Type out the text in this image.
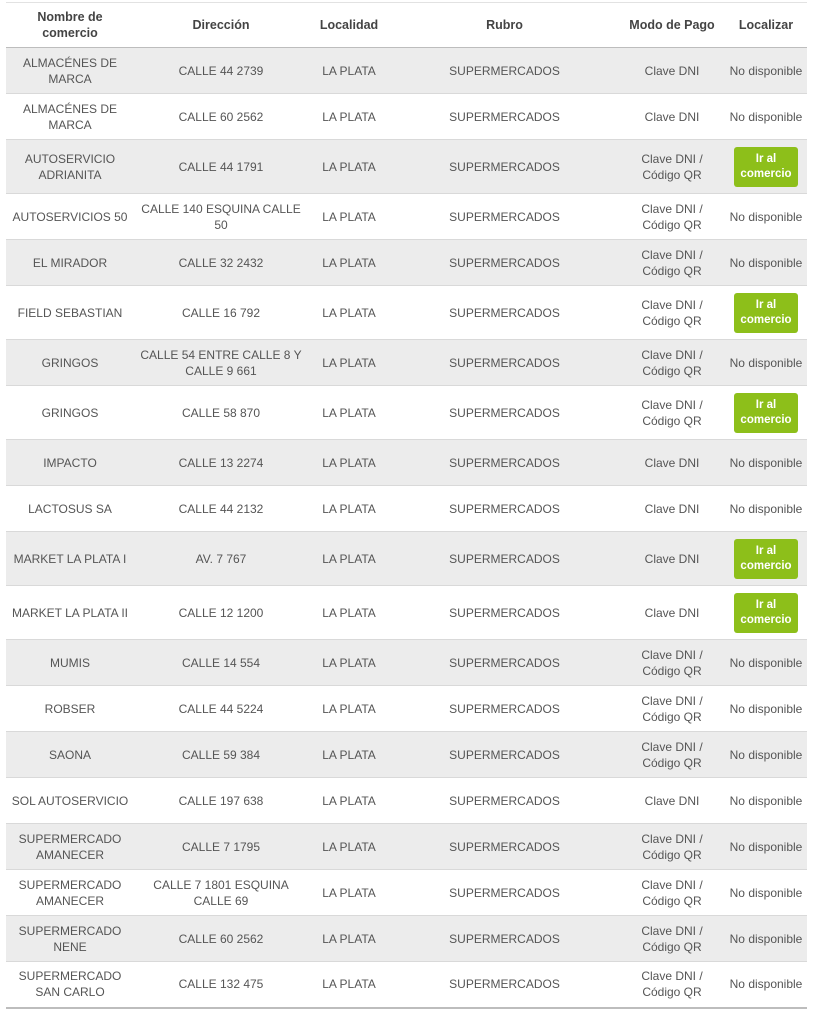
Nombre de comercio	Dirección	Localidad	Rubro	Modo de Pago	Localizar
ALMACÉNES DE MARCA	CALLE 44 2739	LA PLATA	SUPERMERCADOS	Clave DNI	No disponible
ALMACÉNES DE MARCA	CALLE 60 2562	LA PLATA	SUPERMERCADOS	Clave DNI	No disponible
AUTOSERVICIO ADRIANITA	CALLE 44 1791	LA PLATA	SUPERMERCADOS	Clave DNI / Código QR	Ir al comercio
AUTOSERVICIOS 50	CALLE 140 ESQUINA CALLE 50	LA PLATA	SUPERMERCADOS	Clave DNI / Código QR	No disponible
EL MIRADOR	CALLE 32 2432	LA PLATA	SUPERMERCADOS	Clave DNI / Código QR	No disponible
FIELD SEBASTIAN	CALLE 16 792	LA PLATA	SUPERMERCADOS	Clave DNI / Código QR	Ir al comercio
GRINGOS	CALLE 54 ENTRE CALLE 8 Y CALLE 9 661	LA PLATA	SUPERMERCADOS	Clave DNI / Código QR	No disponible
GRINGOS	CALLE 58 870	LA PLATA	SUPERMERCADOS	Clave DNI / Código QR	Ir al comercio
IMPACTO	CALLE 13 2274	LA PLATA	SUPERMERCADOS	Clave DNI	No disponible
LACTOSUS SA	CALLE 44 2132	LA PLATA	SUPERMERCADOS	Clave DNI	No disponible
MARKET LA PLATA I	AV. 7 767	LA PLATA	SUPERMERCADOS	Clave DNI	Ir al comercio
MARKET LA PLATA II	CALLE 12 1200	LA PLATA	SUPERMERCADOS	Clave DNI	Ir al comercio
MUMIS	CALLE 14 554	LA PLATA	SUPERMERCADOS	Clave DNI / Código QR	No disponible
ROBSER	CALLE 44 5224	LA PLATA	SUPERMERCADOS	Clave DNI / Código QR	No disponible
SAONA	CALLE 59 384	LA PLATA	SUPERMERCADOS	Clave DNI / Código QR	No disponible
SOL AUTOSERVICIO	CALLE 197 638	LA PLATA	SUPERMERCADOS	Clave DNI	No disponible
SUPERMERCADO AMANECER	CALLE 7 1795	LA PLATA	SUPERMERCADOS	Clave DNI / Código QR	No disponible
SUPERMERCADO AMANECER	CALLE 7 1801 ESQUINA CALLE 69	LA PLATA	SUPERMERCADOS	Clave DNI / Código QR	No disponible
SUPERMERCADO NENE	CALLE 60 2562	LA PLATA	SUPERMERCADOS	Clave DNI / Código QR	No disponible
SUPERMERCADO SAN CARLO	CALLE 132 475	LA PLATA	SUPERMERCADOS	Clave DNI / Código QR	No disponible
